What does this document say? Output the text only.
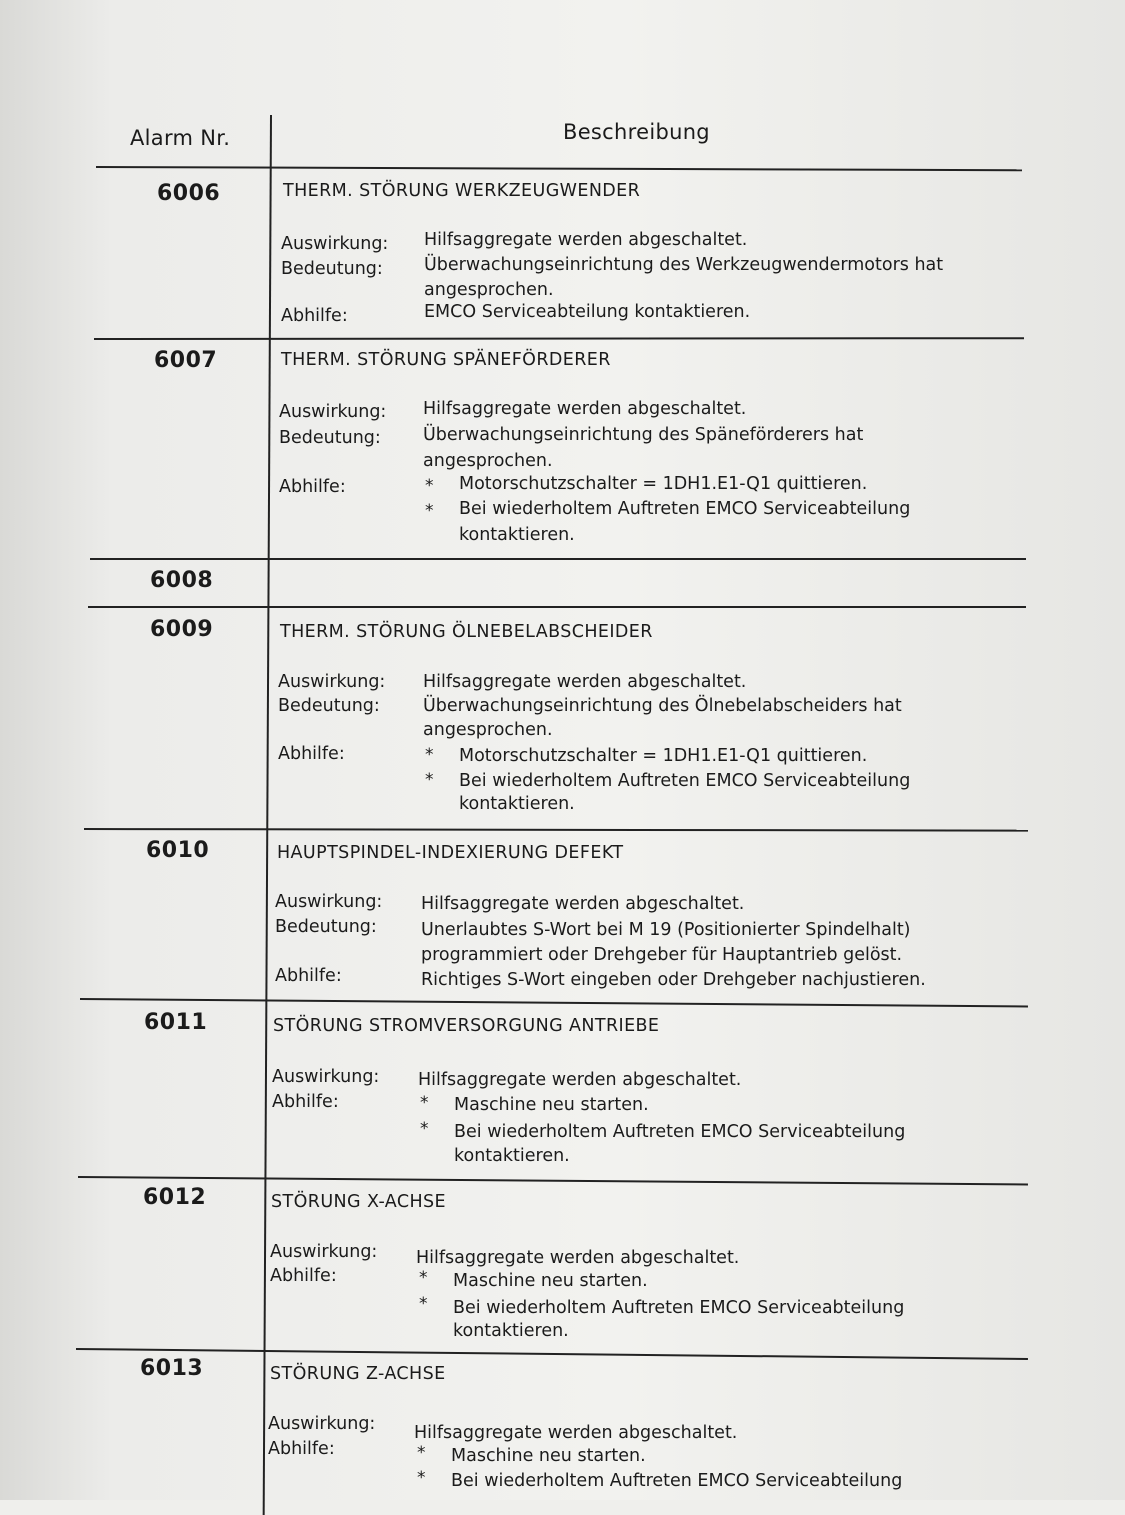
Alarm Nr.	Beschreibung
6006	THERM. STÖRUNG WERKZEUGWENDER
Auswirkung: Hilfsaggregate werden abgeschaltet.
Bedeutung: Überwachungseinrichtung des Werkzeugwendermotors hat
angesprochen.
Abhilfe:	EMCO Serviceabteilung kontaktieren.
6007	THERM. STÖRUNG SPÄNEFÖRDERER
Auswirkung: Hilfsaggregate werden abgeschaltet.
Bedeutung: Überwachungseinrichtung des Späneförderers hat
angesprochen.
Abhilfe:	* Motorschutzschalter = 1DH1.E1-Q1 quittieren.
* Bei wiederholtem Auftreten EMCO Serviceabteilung
kontaktieren.
6008
6009	THERM. STÖRUNG ÖLNEBELABSCHEIDER
Auswirkung: Hilfsaggregate werden abgeschaltet.
Bedeutung: Überwachungseinrichtung des Ölnebelabscheiders hat
angesprochen.
Abhilfe:	* Motorschutzschalter = 1DH1.E1-Q1 quittieren.
* Bei wiederholtem Auftreten EMCO Serviceabteilung
kontaktieren.
6010	HAUPTSPINDEL-INDEXIERUNG DEFEKT
Auswirkung: Hilfsaggregate werden abgeschaltet.
Bedeutung:	Unerlaubtes S-Wort bei M 19 (Positionierter Spindelhalt)
programmiert oder Drehgeber für Hauptantrieb gelöst.
Abhilfe:	Richtiges S-Wort eingeben oder Drehgeber nachjustieren.
6011	STÖRUNG STROMVERSORGUNG ANTRIEBE
Auswirkung: Hilfsaggregate werden abgeschaltet.
Abhilfe:	* Maschine neu starten.
* Bei wiederholtem Auftreten EMCO Serviceabteilung
kontaktieren.
6012	STÖRUNG X-ACHSE
Auswirkung: Hilfsaggregate werden abgeschaltet.
Abhilfe:	* Maschine neu starten.
* Bei wiederholtem Auftreten EMCO Serviceabteilung
kontaktieren.
6013	STÖRUNG Z-ACHSE
Auswirkung: Hilfsaggregate werden abgeschaltet.
Abhilfe:	* Maschine neu starten.
* Bei wiederholtem Auftreten EMCO Serviceabteilung
